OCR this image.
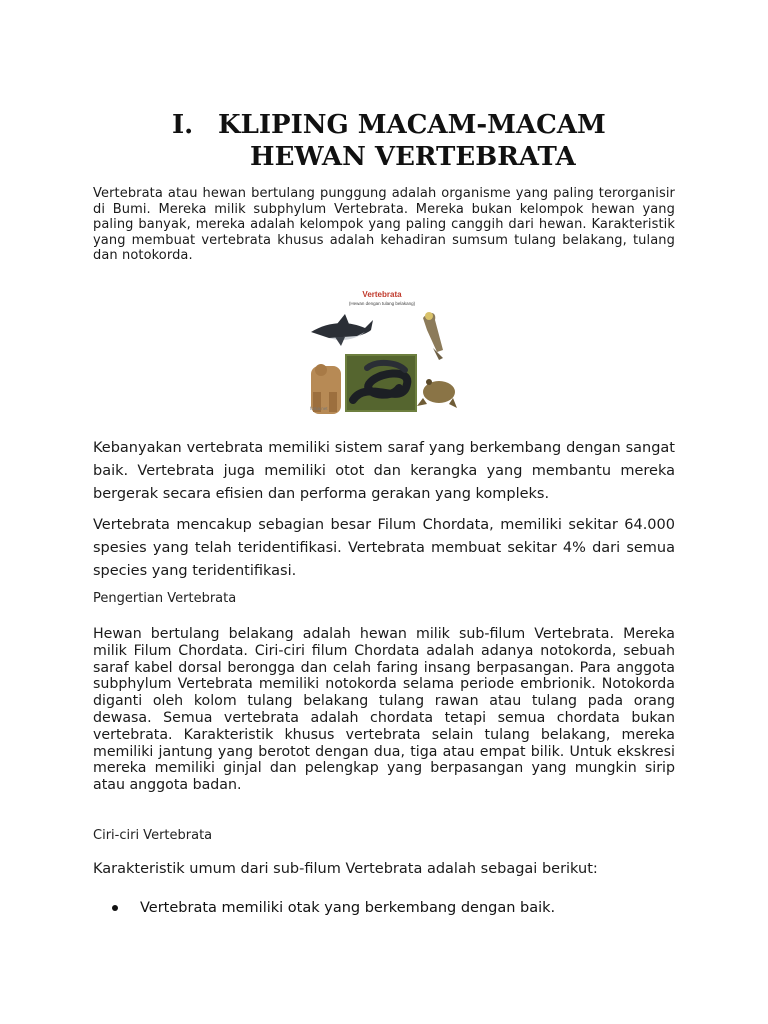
I. KLIPING MACAM-MACAM
HEWAN VERTEBRATA
Vertebrata atau hewan bertulang punggung adalah organisme yang paling terorganisir di Bumi. Mereka milik subphylum Vertebrata. Mereka bukan kelompok hewan yang paling banyak, mereka adalah kelompok yang paling canggih dari hewan. Karakteristik yang membuat vertebrata khusus adalah kehadiran sumsum tulang belakang, tulang dan notokorda.
Vertebrata
(Hewan dengan tulang belakang)
foma.net
Kebanyakan vertebrata memiliki sistem saraf yang berkembang dengan sangat baik. Vertebrata juga memiliki otot dan kerangka yang membantu mereka bergerak secara efisien dan performa gerakan yang kompleks.
Vertebrata mencakup sebagian besar Filum Chordata, memiliki sekitar 64.000 spesies yang telah teridentifikasi. Vertebrata membuat sekitar 4% dari semua species yang teridentifikasi.
Pengertian Vertebrata
Hewan bertulang belakang adalah hewan milik sub-filum Vertebrata. Mereka milik Filum Chordata. Ciri-ciri filum Chordata adalah adanya notokorda, sebuah saraf kabel dorsal berongga dan celah faring insang berpasangan. Para anggota subphylum Vertebrata memiliki notokorda selama periode embrionik. Notokorda diganti oleh kolom tulang belakang tulang rawan atau tulang pada orang dewasa. Semua vertebrata adalah chordata tetapi semua chordata bukan vertebrata. Karakteristik khusus vertebrata selain tulang belakang, mereka memiliki jantung yang berotot dengan dua, tiga atau empat bilik. Untuk ekskresi mereka memiliki ginjal dan pelengkap yang berpasangan yang mungkin sirip atau anggota badan.
Ciri-ciri Vertebrata
Karakteristik umum dari sub-filum Vertebrata adalah sebagai berikut:
Vertebrata memiliki otak yang berkembang dengan baik.
